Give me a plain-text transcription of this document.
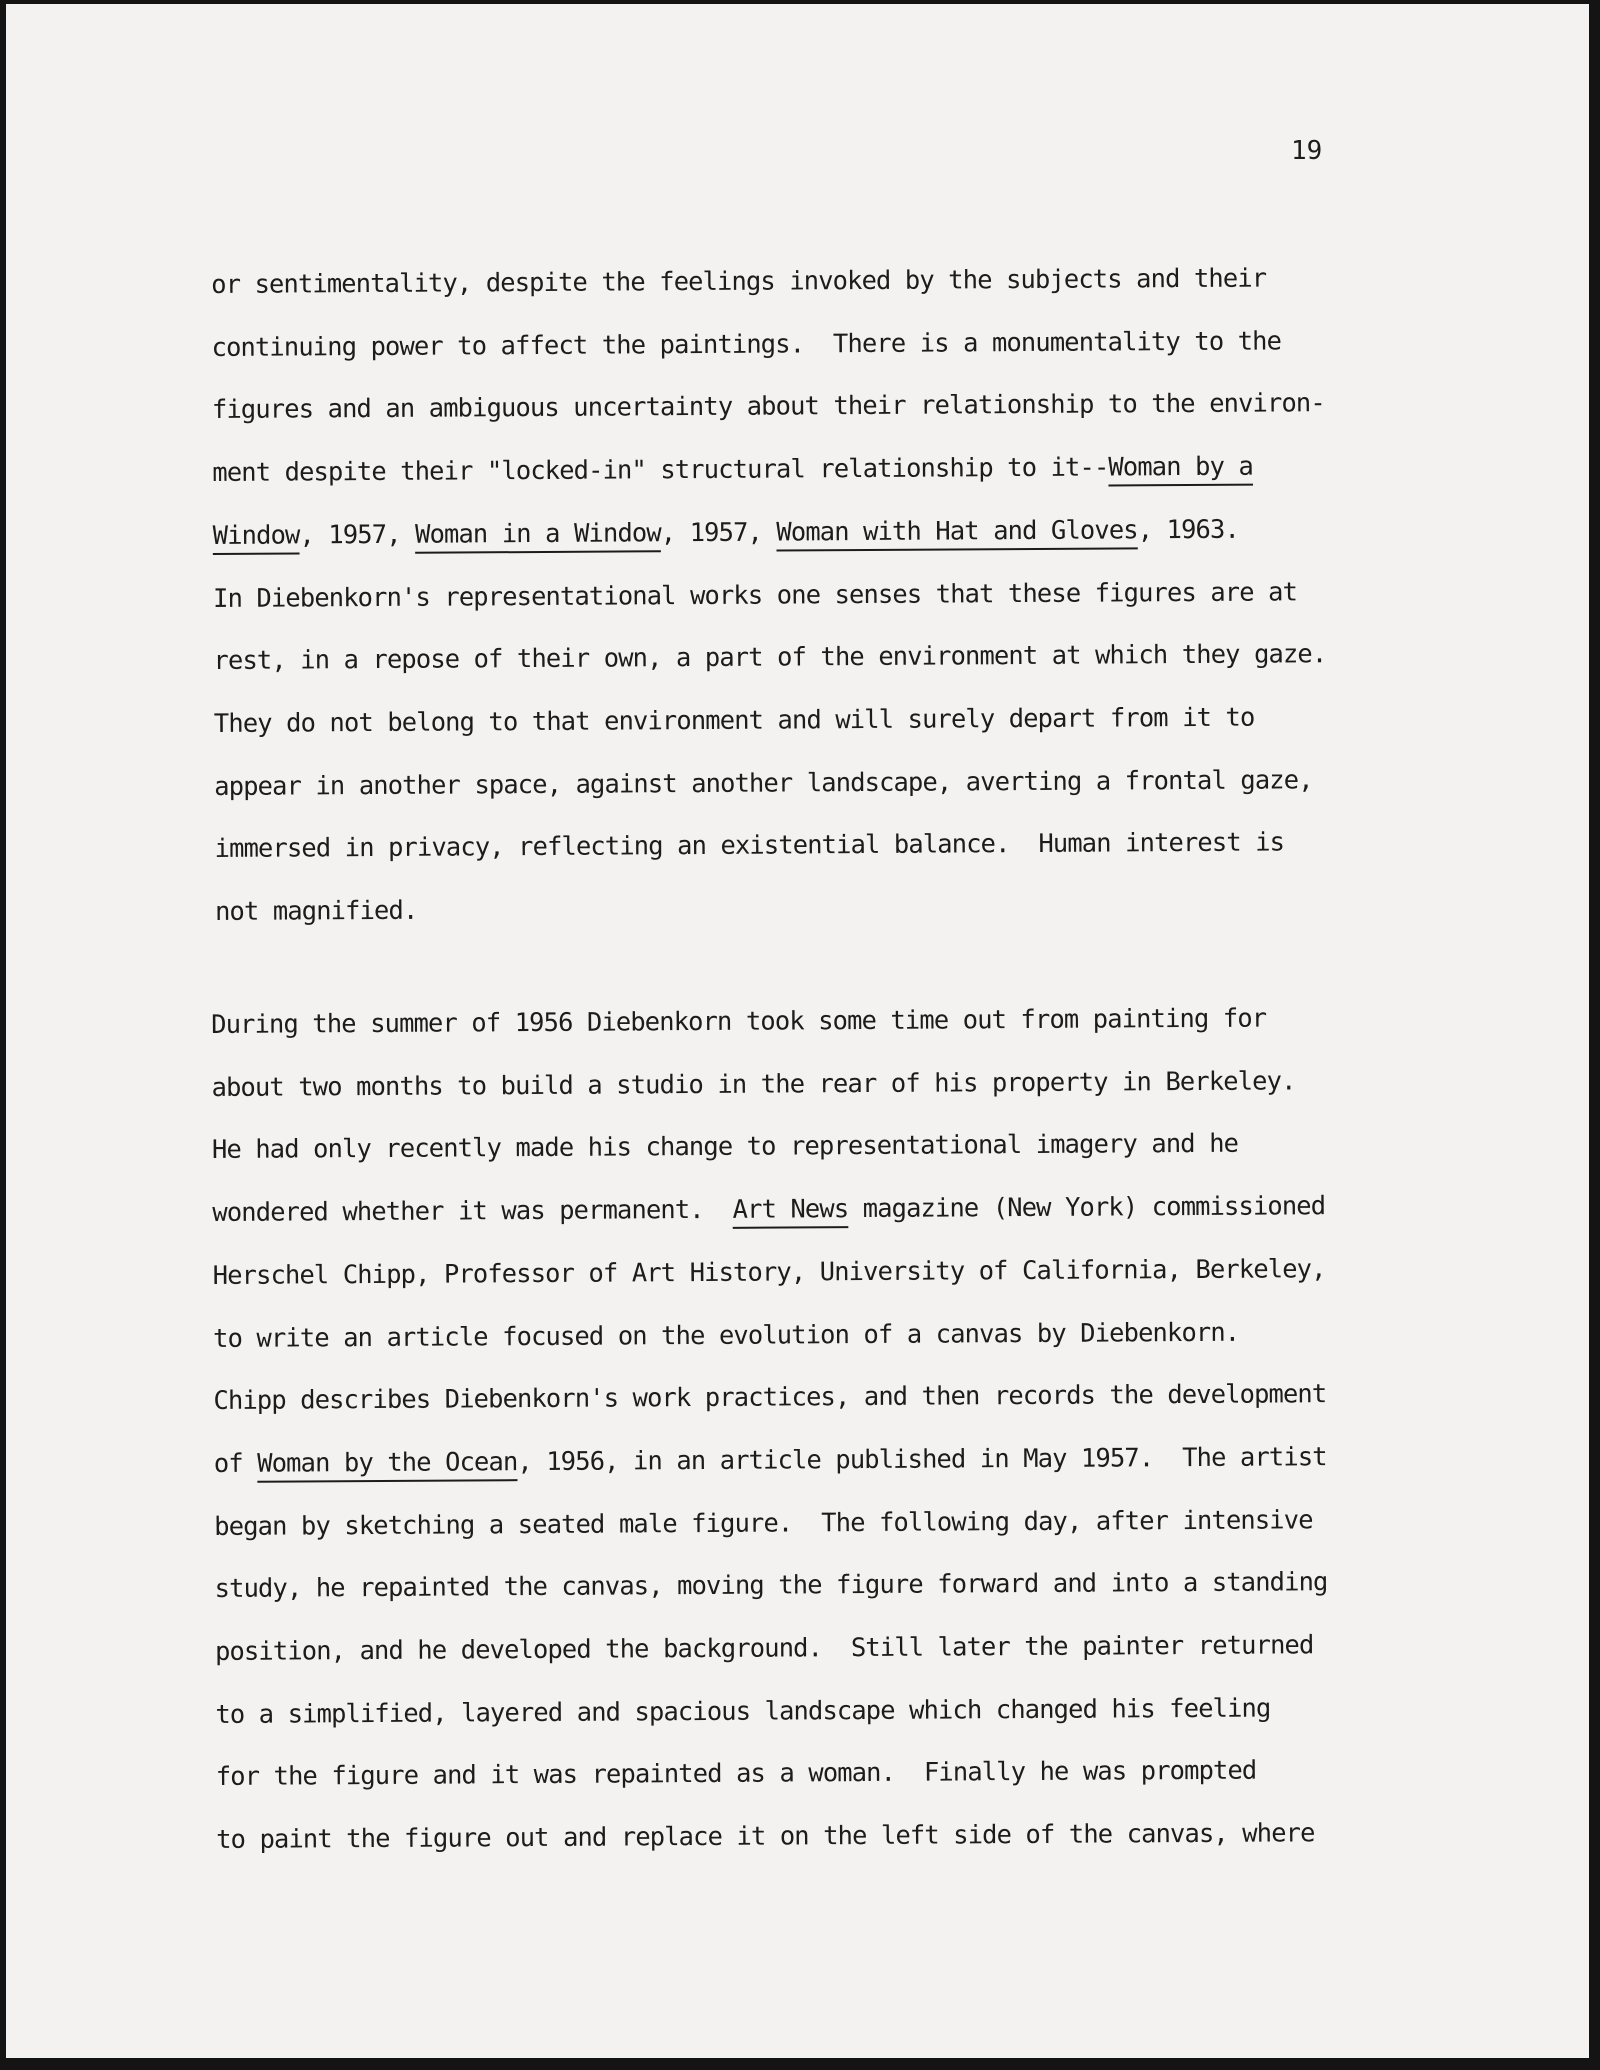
19
or sentimentality, despite the feelings invoked by the subjects and their
continuing power to affect the paintings.  There is a monumentality to the
figures and an ambiguous uncertainty about their relationship to the environ-
ment despite their "locked-in" structural relationship to it--Woman by a
Window, 1957, Woman in a Window, 1957, Woman with Hat and Gloves, 1963.
In Diebenkorn's representational works one senses that these figures are at
rest, in a repose of their own, a part of the environment at which they gaze.
They do not belong to that environment and will surely depart from it to
appear in another space, against another landscape, averting a frontal gaze,
immersed in privacy, reflecting an existential balance.  Human interest is
not magnified.
During the summer of 1956 Diebenkorn took some time out from painting for
about two months to build a studio in the rear of his property in Berkeley.
He had only recently made his change to representational imagery and he
wondered whether it was permanent.  Art News magazine (New York) commissioned
Herschel Chipp, Professor of Art History, University of California, Berkeley,
to write an article focused on the evolution of a canvas by Diebenkorn.
Chipp describes Diebenkorn's work practices, and then records the development
of Woman by the Ocean, 1956, in an article published in May 1957.  The artist
began by sketching a seated male figure.  The following day, after intensive
study, he repainted the canvas, moving the figure forward and into a standing
position, and he developed the background.  Still later the painter returned
to a simplified, layered and spacious landscape which changed his feeling
for the figure and it was repainted as a woman.  Finally he was prompted
to paint the figure out and replace it on the left side of the canvas, where
